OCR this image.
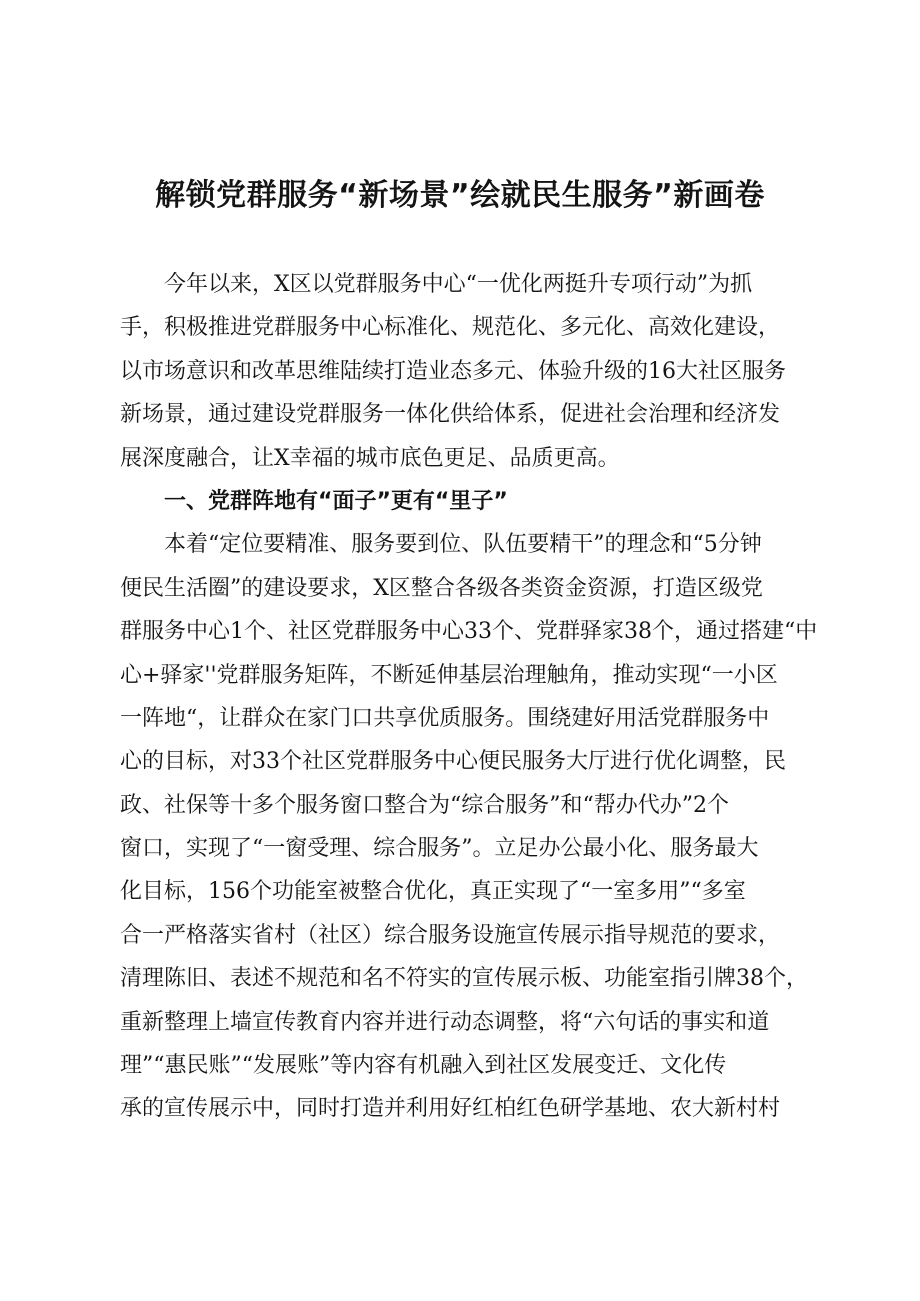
解锁党群服务“新场景”绘就民生服务”新画卷
今年以来，X区以党群服务中心“一优化两挺升专项行动”为抓
手，积极推进党群服务中心标准化、规范化、多元化、高效化建设，
以市场意识和改革思维陆续打造业态多元、体验升级的16大社区服务
新场景，通过建设党群服务一体化供给体系，促进社会治理和经济发
展深度融合，让X幸福的城市底色更足、品质更高。
一、党群阵地有“面子”更有“里子”
本着“定位要精准、服务要到位、队伍要精干”的理念和“5分钟
便民生活圈”的建设要求，X区整合各级各类资金资源，打造区级党
群服务中心1个、社区党群服务中心33个、党群驿家38个，通过搭建“中
心+驿家''党群服务矩阵，不断延伸基层治理触角，推动实现“一小区
一阵地“，让群众在家门口共享优质服务。围绕建好用活党群服务中
心的目标，对33个社区党群服务中心便民服务大厅进行优化调整，民
政、社保等十多个服务窗口整合为“综合服务”和“帮办代办”2个
窗口，实现了“一窗受理、综合服务”。立足办公最小化、服务最大
化目标，156个功能室被整合优化，真正实现了“一室多用”“多室
合一严格落实省村（社区）综合服务设施宣传展示指导规范的要求，
清理陈旧、表述不规范和名不符实的宣传展示板、功能室指引牌38个，
重新整理上墙宣传教育内容并进行动态调整，将“六句话的事实和道
理”“惠民账”“发展账”等内容有机融入到社区发展变迁、文化传
承的宣传展示中，同时打造并利用好红柏红色研学基地、农大新村村
